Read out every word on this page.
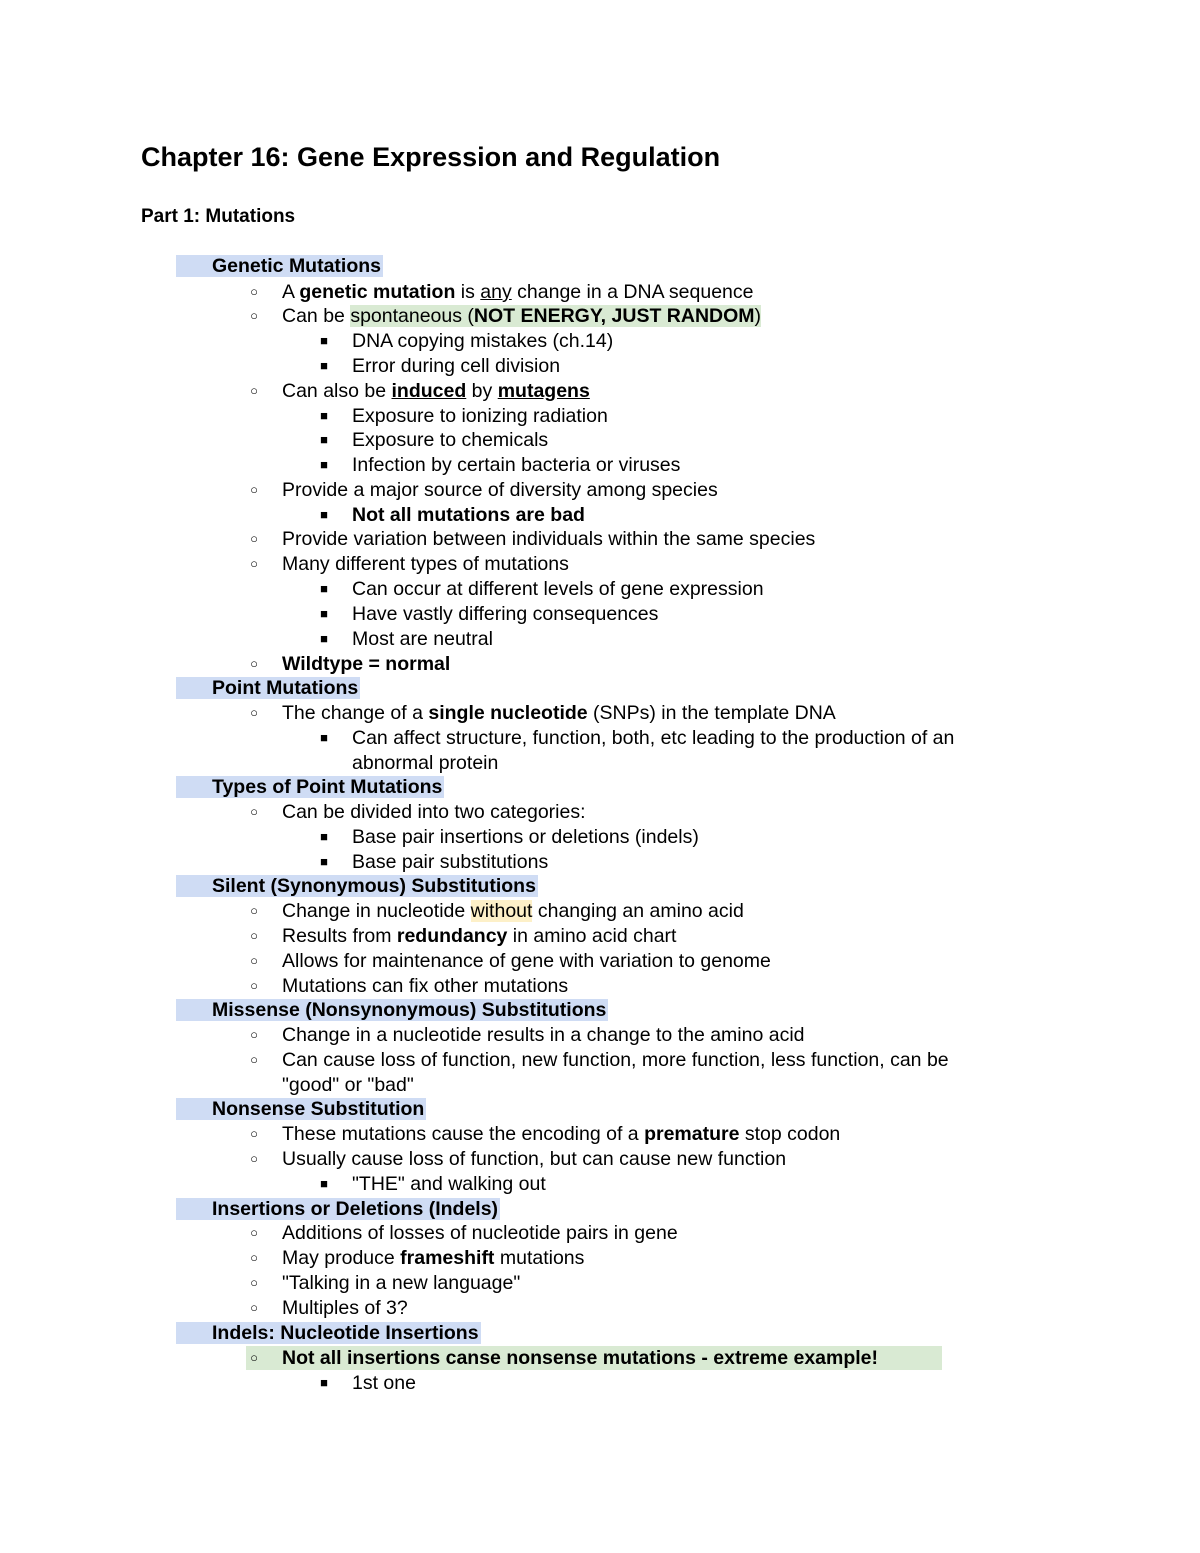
Chapter 16: Gene Expression and Regulation
Part 1: Mutations
Genetic Mutations
○	A genetic mutation is any change in a DNA sequence
○	Can be spontaneous (NOT ENERGY, JUST RANDOM)
■	DNA copying mistakes (ch.14)
■	Error during cell division
○	Can also be induced by mutagens
■	Exposure to ionizing radiation
■	Exposure to chemicals
■	Infection by certain bacteria or viruses
○	Provide a major source of diversity among species
■	Not all mutations are bad
○	Provide variation between individuals within the same species
○	Many different types of mutations
■	Can occur at different levels of gene expression
■	Have vastly differing consequences
■	Most are neutral
○	Wildtype = normal
Point Mutations
○	The change of a single nucleotide (SNPs) in the template DNA
■	Can affect structure, function, both, etc leading to the production of an
abnormal protein
Types of Point Mutations
○	Can be divided into two categories:
■	Base pair insertions or deletions (indels)
■	Base pair substitutions
Silent (Synonymous) Substitutions
○	Change in nucleotide without changing an amino acid
○	Results from redundancy in amino acid chart
○	Allows for maintenance of gene with variation to genome
○	Mutations can fix other mutations
Missense (Nonsynonymous) Substitutions
○	Change in a nucleotide results in a change to the amino acid
○	Can cause loss of function, new function, more function, less function, can be
"good" or "bad"
Nonsense Substitution
○	These mutations cause the encoding of a premature stop codon
○	Usually cause loss of function, but can cause new function
■	"THE" and walking out
Insertions or Deletions (Indels)
○	Additions of losses of nucleotide pairs in gene
○	May produce frameshift mutations
○	"Talking in a new language"
○	Multiples of 3?
Indels: Nucleotide Insertions
○	Not all insertions canse nonsense mutations - extreme example!
■	1st one
